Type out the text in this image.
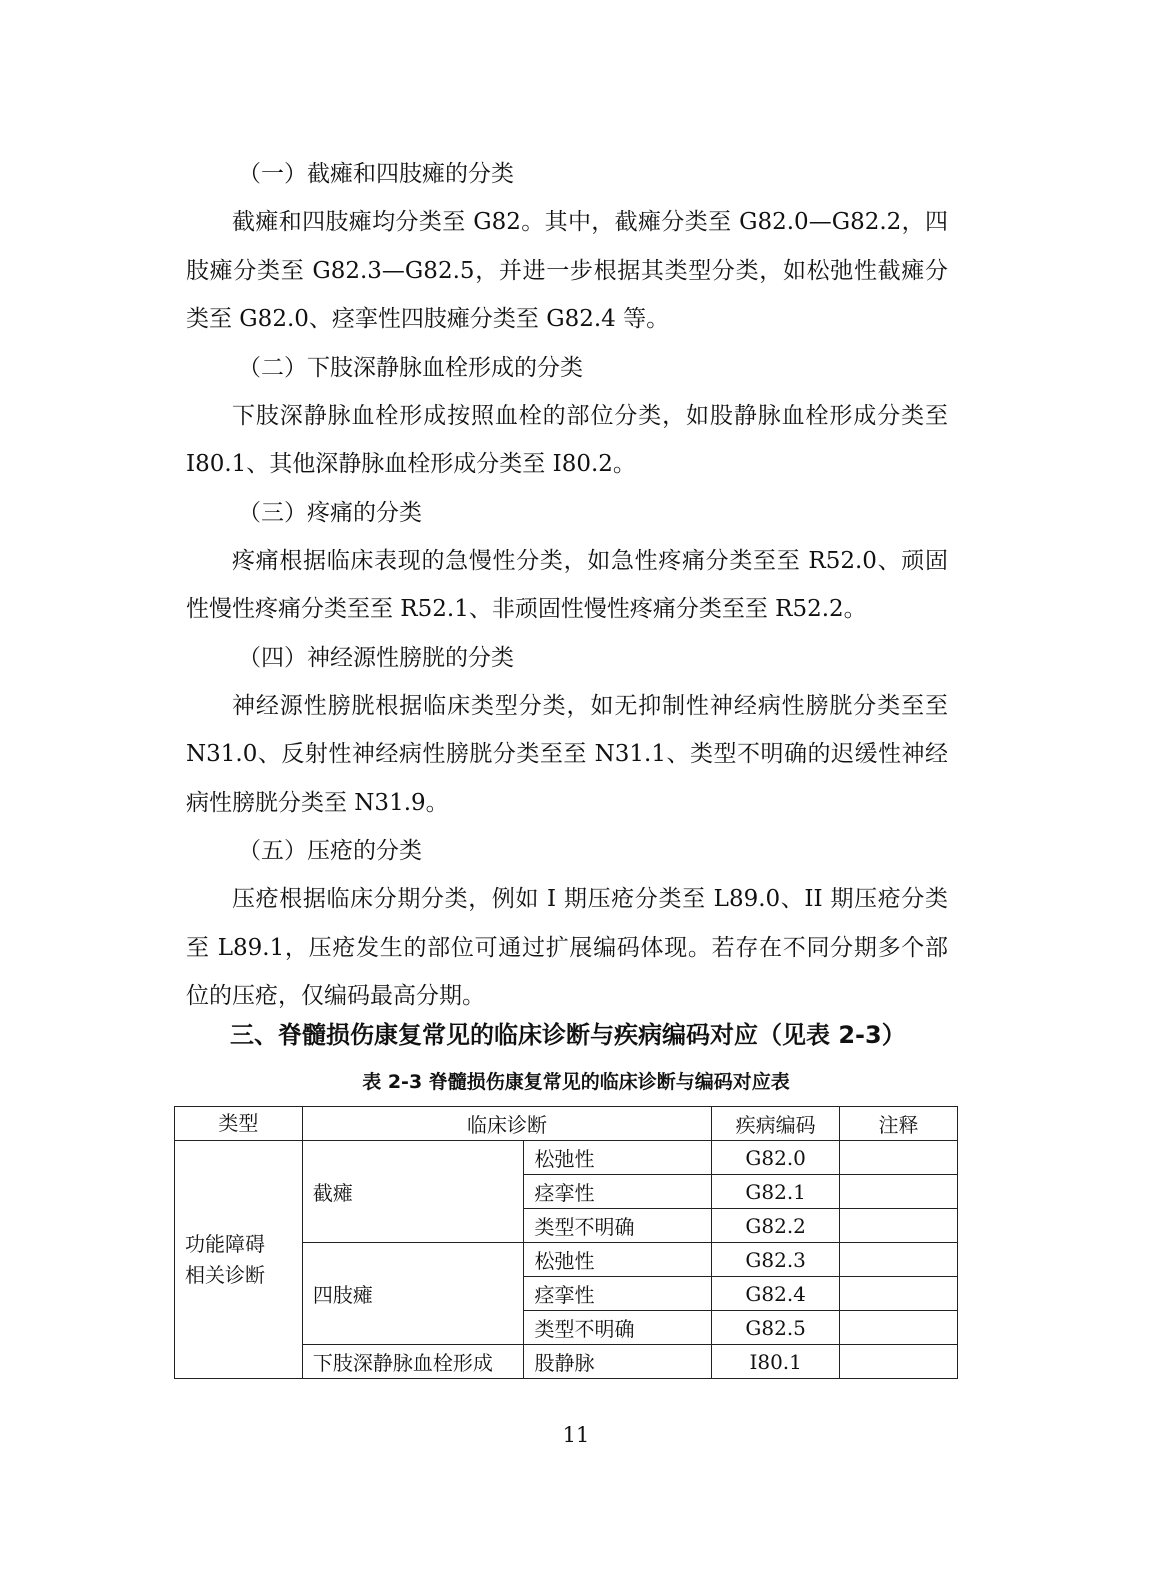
（一）截瘫和四肢瘫的分类

截瘫和四肢瘫均分类至 G82。其中，截瘫分类至 G82.0—G82.2，四肢瘫分类至 G82.3—G82.5，并进一步根据其类型分类，如松弛性截瘫分类至 G82.0、痉挛性四肢瘫分类至 G82.4 等。

（二）下肢深静脉血栓形成的分类

下肢深静脉血栓形成按照血栓的部位分类，如股静脉血栓形成分类至 I80.1、其他深静脉血栓形成分类至 I80.2。

（三）疼痛的分类

疼痛根据临床表现的急慢性分类，如急性疼痛分类至至 R52.0、顽固性慢性疼痛分类至至 R52.1、非顽固性慢性疼痛分类至至 R52.2。

（四）神经源性膀胱的分类

神经源性膀胱根据临床类型分类，如无抑制性神经病性膀胱分类至至 N31.0、反射性神经病性膀胱分类至至 N31.1、类型不明确的迟缓性神经病性膀胱分类至 N31.9。

（五）压疮的分类

压疮根据临床分期分类，例如 I 期压疮分类至 L89.0、II 期压疮分类至 L89.1，压疮发生的部位可通过扩展编码体现。若存在不同分期多个部位的压疮，仅编码最高分期。

三、脊髓损伤康复常见的临床诊断与疾病编码对应（见表 2-3）
表 2-3 脊髓损伤康复常见的临床诊断与编码对应表
类型	临床诊断		疾病编码	注释
功能障碍
相关诊断	截瘫	松弛性	G82.0	
		痉挛性	G82.1	
		类型不明确	G82.2	
	四肢瘫	松弛性	G82.3	
		痉挛性	G82.4	
		类型不明确	G82.5	
	下肢深静脉血栓形成	股静脉	I80.1	
11
